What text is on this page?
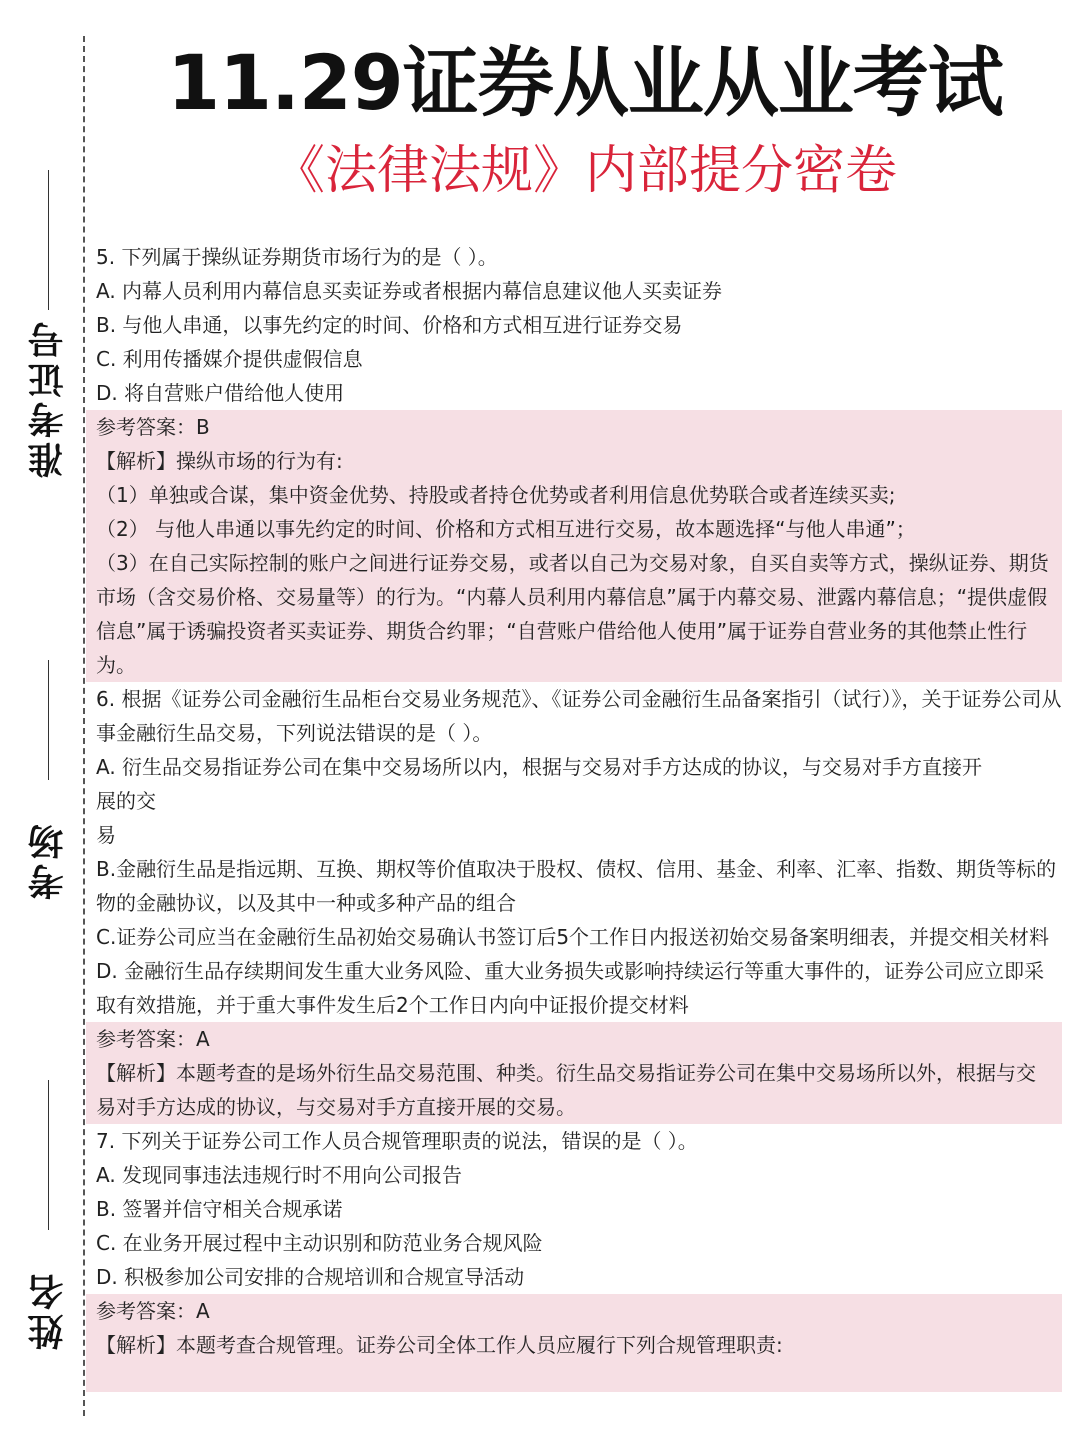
准考证号
考场
姓名
11.29证券从业从业考试
《法律法规》内部提分密卷
5. 下列属于操纵证券期货市场行为的是（ ）。
A. 内幕人员利用内幕信息买卖证券或者根据内幕信息建议他人买卖证券
B. 与他人串通，以事先约定的时间、价格和方式相互进行证券交易
C. 利用传播媒介提供虚假信息
D. 将自营账户借给他人使用
参考答案：B
【解析】操纵市场的行为有:
（1）单独或合谋，集中资金优势、持股或者持仓优势或者利用信息优势联合或者连续买卖;
（2） 与他人串通以事先约定的时间、价格和方式相互进行交易，故本题选择“与他人串通”；
（3）在自己实际控制的账户之间进行证券交易，或者以自己为交易对象，自买自卖等方式，操纵证券、期货市场（含交易价格、交易量等）的行为。“内幕人员利用内幕信息”属于内幕交易、泄露内幕信息；“提供虚假信息”属于诱骗投资者买卖证券、期货合约罪；“自营账户借给他人使用”属于证券自营业务的其他禁止性行为。
6. 根据《证券公司金融衍生品柜台交易业务规范》、《证券公司金融衍生品备案指引（试行）》，关于证券公司从事金融衍生品交易，下列说法错误的是（ ）。
A. 衍生品交易指证券公司在集中交易场所以内，根据与交易对手方达成的协议，与交易对手方直接开展的交
易
B.金融衍生品是指远期、互换、期权等价值取决于股权、债权、信用、基金、利率、汇率、指数、期货等标的物的金融协议，以及其中一种或多种产品的组合
C.证券公司应当在金融衍生品初始交易确认书签订后5个工作日内报送初始交易备案明细表，并提交相关材料
D. 金融衍生品存续期间发生重大业务风险、重大业务损失或影响持续运行等重大事件的，证券公司应立即采取有效措施，并于重大事件发生后2个工作日内向中证报价提交材料
参考答案：A
【解析】本题考查的是场外衍生品交易范围、种类。衍生品交易指证券公司在集中交易场所以外，根据与交易对手方达成的协议，与交易对手方直接开展的交易。
7. 下列关于证券公司工作人员合规管理职责的说法，错误的是（ ）。
A. 发现同事违法违规行时不用向公司报告
B. 签署并信守相关合规承诺
C. 在业务开展过程中主动识别和防范业务合规风险
D. 积极参加公司安排的合规培训和合规宣导活动
参考答案：A
【解析】本题考查合规管理。证券公司全体工作人员应履行下列合规管理职责:
